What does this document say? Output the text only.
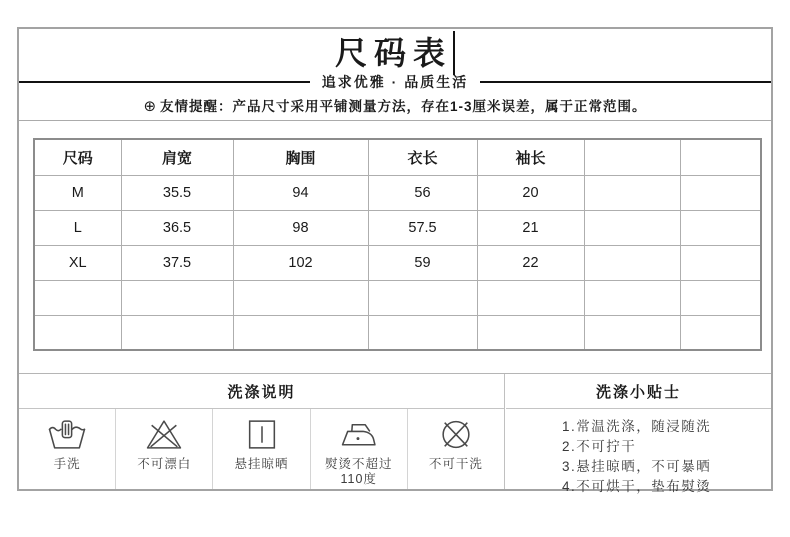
尺码表
追求优雅 · 品质生活
⊕ 友情提醒：产品尺寸采用平铺测量方法，存在1-3厘米误差，属于正常范围。
尺码	肩宽	胸围	衣长	袖长		
M	35.5	94	56	20		
L	36.5	98	57.5	21		
XL	37.5	102	59	22		

洗涤说明
手洗	不可漂白	悬挂晾晒	熨烫不超过
110度
不可干洗
洗涤小贴士
1.常温洗涤，随浸随洗
2.不可拧干
3.悬挂晾晒，不可暴晒
4.不可烘干，垫布熨烫
